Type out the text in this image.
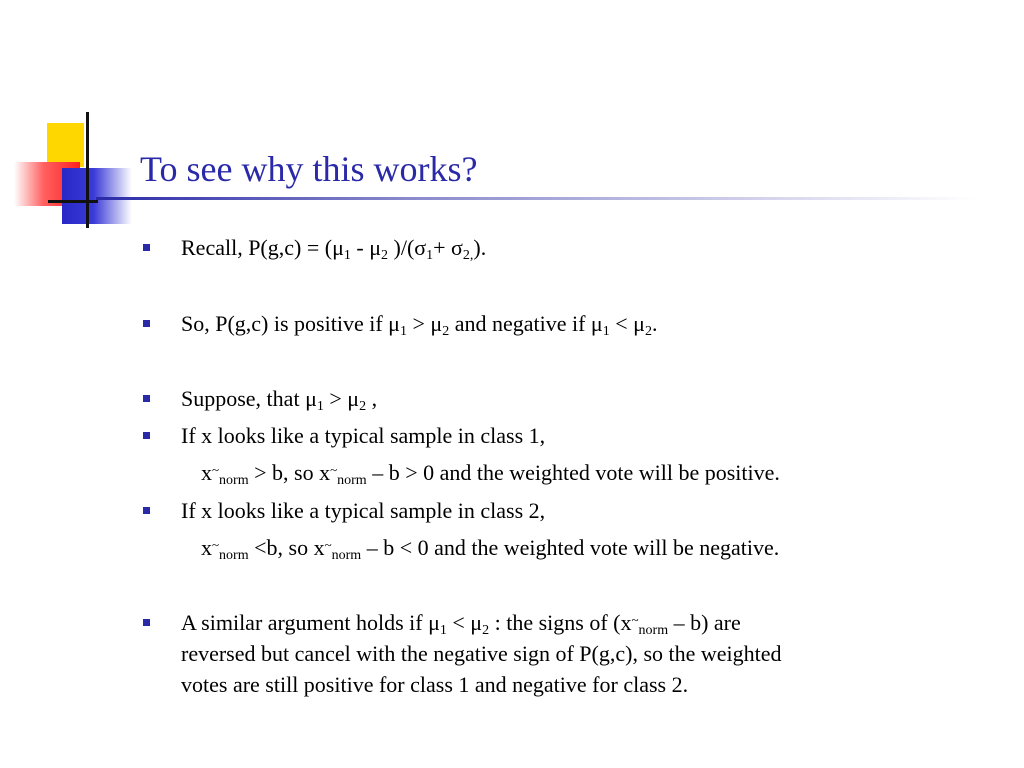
To see why this works?
Recall, $P(g,c) = (\mu_1 - \mu_2$ )$/(\sigma_1+ \sigma_{2,})$.
So, P(g,c) is positive if $\mu_1 > \mu_2$ and negative if $\mu_1 < \mu_2$.
Suppose, that $\mu_1 > \mu_2$ ,
If x looks like a typical sample in class 1,
$x^\sim_{norm} > b$, so $x^\sim_{norm} - b > 0$ and the weighted vote will be positive.
If x looks like a typical sample in class 2,
$x^\sim_{norm} <b$, so $x^\sim_{norm} - b < 0$ and the weighted vote will be negative.
A similar argument holds if $\mu_1 < \mu_2$ : the signs of $(x^\sim_{norm} - b)$ are
reversed but cancel with the negative sign of P(g,c), so the weighted
votes are still positive for class 1 and negative for class 2.
